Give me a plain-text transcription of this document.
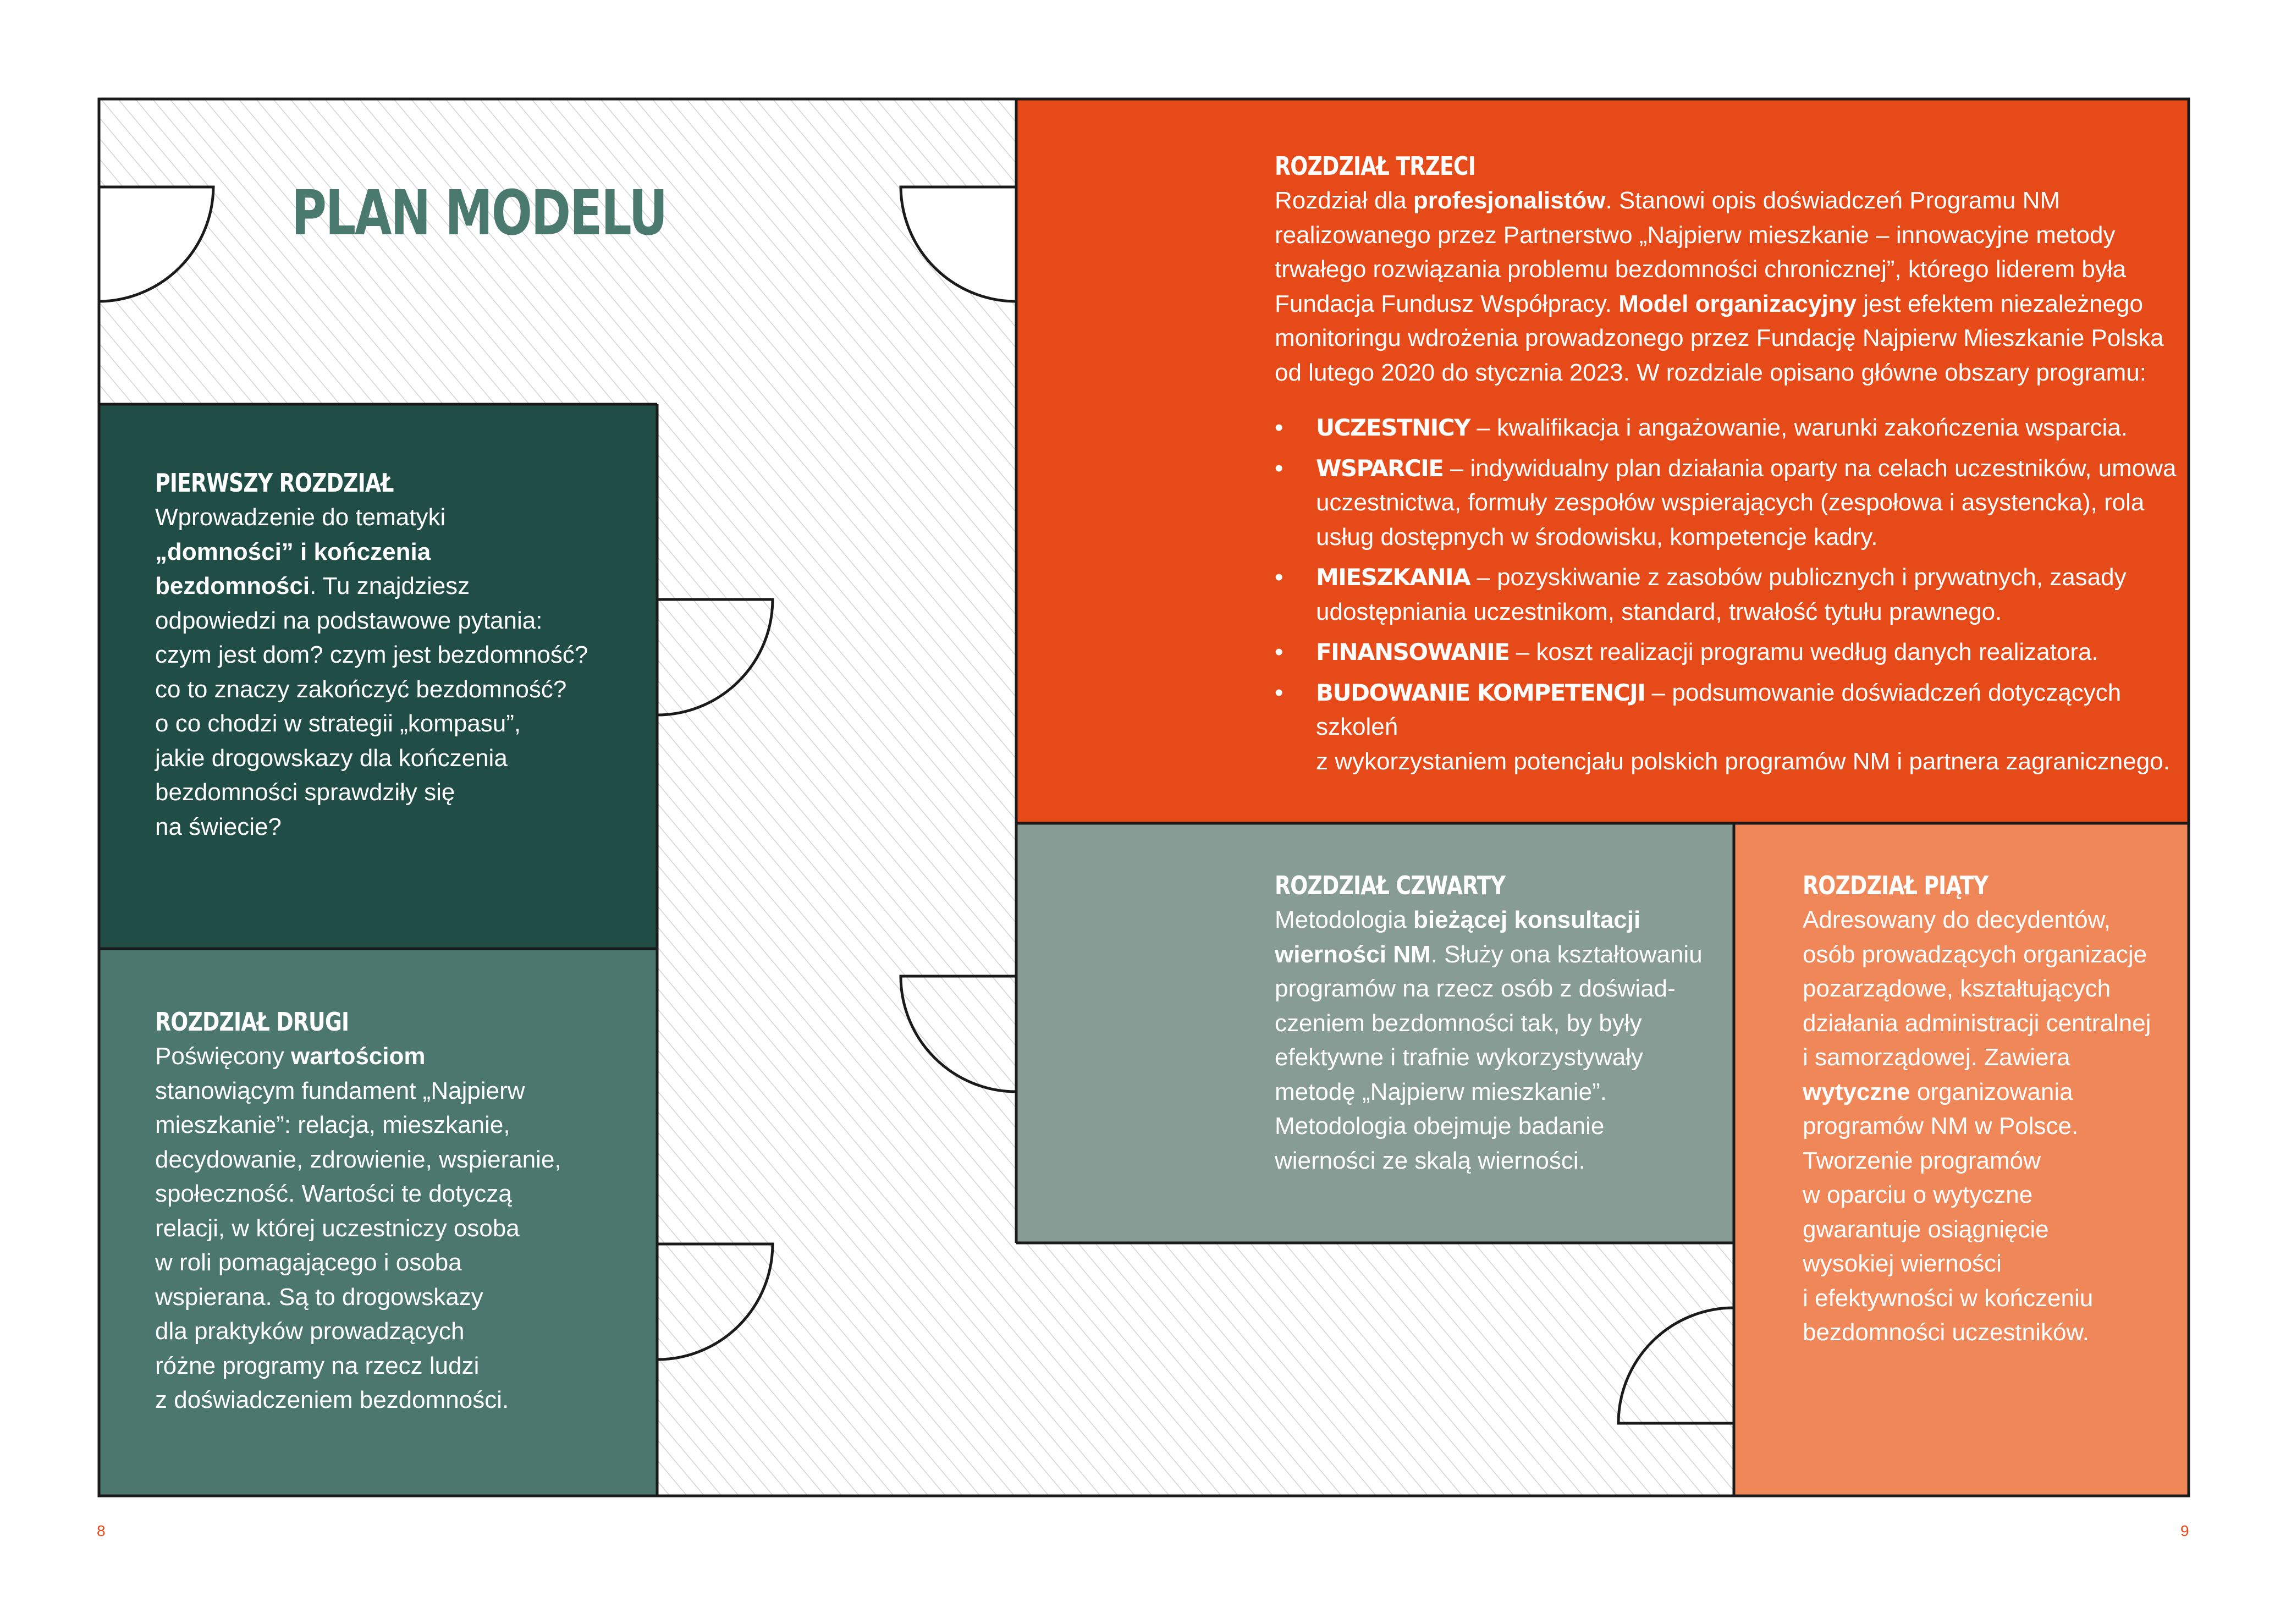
PLAN MODELU
PIERWSZY ROZDZIAŁ

Wprowadzenie do tematyki

„domności” i kończenia

bezdomności. Tu znajdziesz

odpowiedzi na podstawowe pytania:

czym jest dom? czym jest bezdomność?

co to znaczy zakończyć bezdomność?

o co chodzi w strategii „kompasu”,

jakie drogowskazy dla kończenia

bezdomności sprawdziły się

na świecie?

ROZDZIAŁ DRUGI

Poświęcony wartościom

stanowiącym fundament „Najpierw

mieszkanie”: relacja, mieszkanie,

decydowanie, zdrowienie, wspieranie,

społeczność. Wartości te dotyczą

relacji, w której uczestniczy osoba

w roli pomagającego i osoba

wspierana. Są to drogowskazy

dla praktyków prowadzących

różne programy na rzecz ludzi

z doświadczeniem bezdomności.

ROZDZIAŁ TRZECI

Rozdział dla profesjonalistów. Stanowi opis doświadczeń Programu NM

realizowanego przez Partnerstwo „Najpierw mieszkanie – innowacyjne metody

trwałego rozwiązania problemu bezdomności chronicznej”, którego liderem była

Fundacja Fundusz Współpracy. Model organizacyjny jest efektem niezależnego

monitoringu wdrożenia prowadzonego przez Fundację Najpierw Mieszkanie Polska

od lutego 2020 do stycznia 2023. W rozdziale opisano główne obszary programu:

• UCZESTNICY – kwalifikacja i angażowanie, warunki zakończenia wsparcia.
• WSPARCIE – indywidualny plan działania oparty na celach uczestników, umowa
uczestnictwa, formuły zespołów wspierających (zespołowa i asystencka), rola
usług dostępnych w środowisku, kompetencje kadry.
• MIESZKANIA – pozyskiwanie z zasobów publicznych i prywatnych, zasady
udostępniania uczestnikom, standard, trwałość tytułu prawnego.
• FINANSOWANIE – koszt realizacji programu według danych realizatora.
• BUDOWANIE KOMPETENCJI – podsumowanie doświadczeń dotyczących szkoleń
z wykorzystaniem potencjału polskich programów NM i partnera zagranicznego.
ROZDZIAŁ CZWARTY

Metodologia bieżącej konsultacji

wierności NM. Służy ona kształtowaniu

programów na rzecz osób z doświad-

czeniem bezdomności tak, by były

efektywne i trafnie wykorzystywały

metodę „Najpierw mieszkanie”.

Metodologia obejmuje badanie

wierności ze skalą wierności.

ROZDZIAŁ PIĄTY

Adresowany do decydentów,

osób prowadzących organizacje

pozarządowe, kształtujących

działania administracji centralnej

i samorządowej. Zawiera

wytyczne organizowania

programów NM w Polsce.

Tworzenie programów

w oparciu o wytyczne

gwarantuje osiągnięcie

wysokiej wierności

i efektywności w kończeniu

bezdomności uczestników.

8	9
